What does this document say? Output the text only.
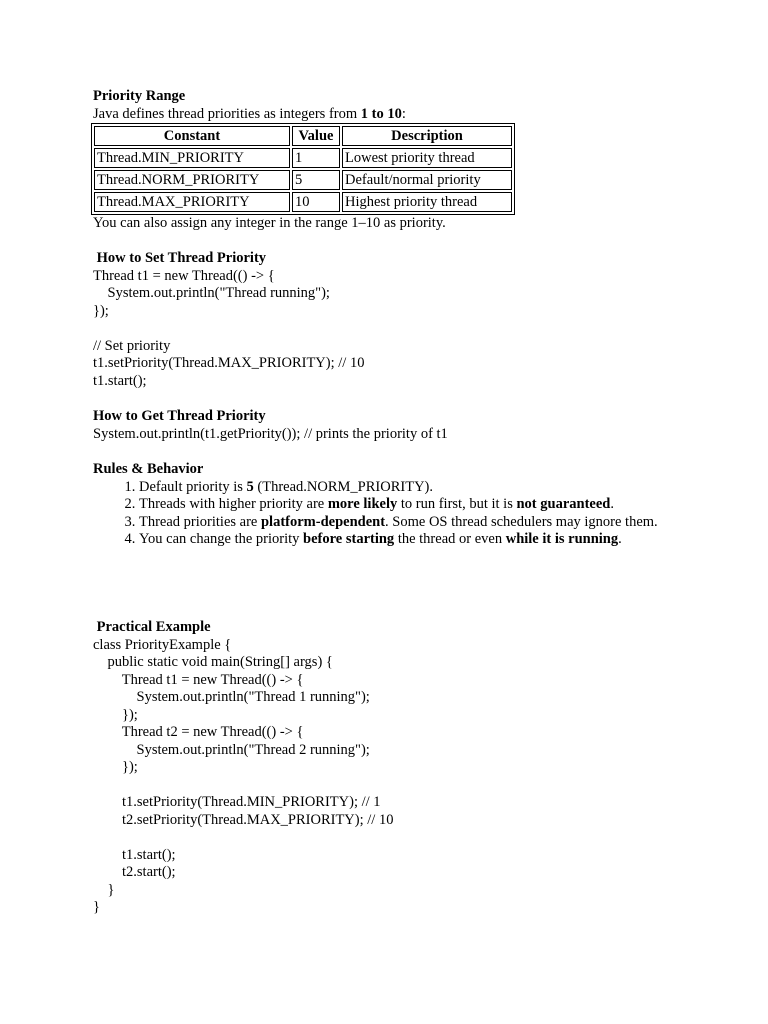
Priority Range
Java defines thread priorities as integers from 1 to 10:
Constant	Value	Description
Thread.MIN_PRIORITY	1	Lowest priority thread
Thread.NORM_PRIORITY	5	Default/normal priority
Thread.MAX_PRIORITY	10	Highest priority thread
You can also assign any integer in the range 1–10 as priority.
How to Set Thread Priority
Thread t1 = new Thread(() -> {
System.out.println("Thread running");
});

// Set priority
t1.setPriority(Thread.MAX_PRIORITY); // 10
t1.start();
How to Get Thread Priority
System.out.println(t1.getPriority()); // prints the priority of t1
Rules & Behavior
1. Default priority is 5 (Thread.NORM_PRIORITY).
2. Threads with higher priority are more likely to run first, but it is not guaranteed.
3. Thread priorities are platform-dependent. Some OS thread schedulers may ignore them.
4. You can change the priority before starting the thread or even while it is running.
Practical Example
class PriorityExample {
public static void main(String[] args) {
Thread t1 = new Thread(() -> {
System.out.println("Thread 1 running");
});
Thread t2 = new Thread(() -> {
System.out.println("Thread 2 running");
});

t1.setPriority(Thread.MIN_PRIORITY); // 1
t2.setPriority(Thread.MAX_PRIORITY); // 10

t1.start();
t2.start();
}
}
